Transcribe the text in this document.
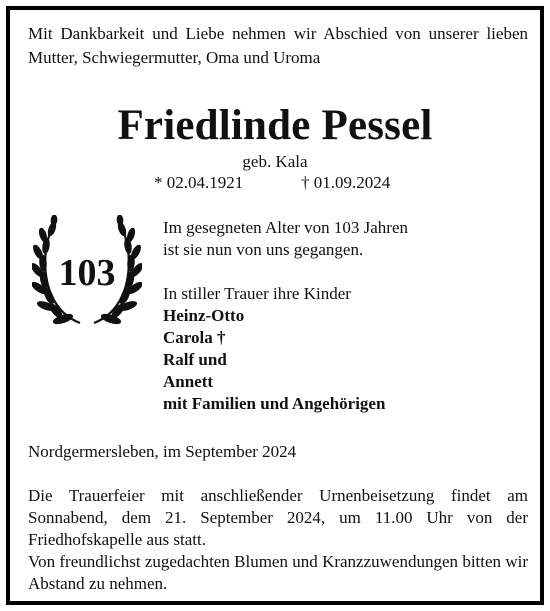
Mit Dankbarkeit und Liebe nehmen wir Abschied von unserer lieben Mutter, Schwiegermutter, Oma und Uroma
Friedlinde Pessel
geb. Kala
* 02.04.1921	† 01.09.2024
103
Im gesegneten Alter von 103 Jahren
ist sie nun von uns gegangen.
In stiller Trauer ihre Kinder
Heinz-Otto
Carola †
Ralf und
Annett
mit Familien und Angehörigen
Nordgermersleben, im September 2024
Die Trauerfeier mit anschließender Urnenbeisetzung findet am Sonnabend, dem 21. September 2024, um 11.00 Uhr von der Friedhofskapelle aus statt.
Von freundlichst zugedachten Blumen und Kranzzuwendungen bitten wir Abstand zu nehmen.
